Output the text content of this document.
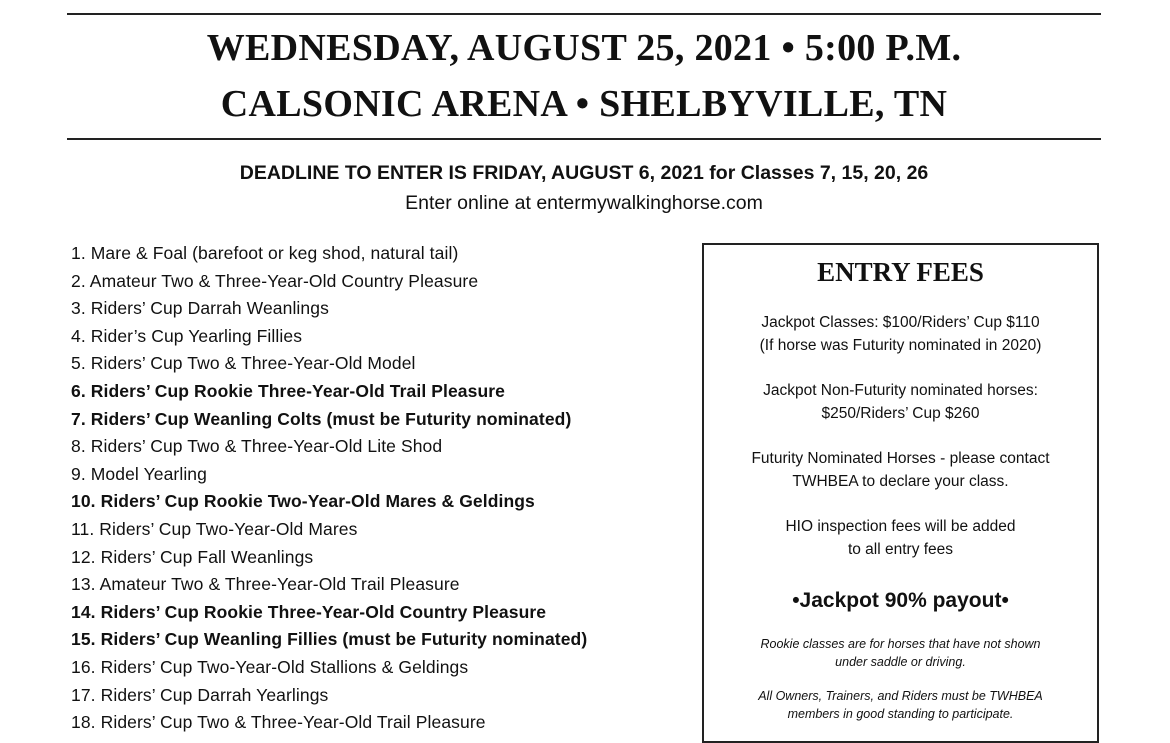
WEDNESDAY, AUGUST 25, 2021 • 5:00 P.M.
CALSONIC ARENA • SHELBYVILLE, TN
DEADLINE TO ENTER IS FRIDAY, AUGUST 6, 2021 for Classes 7, 15, 20, 26
Enter online at entermywalkinghorse.com
1. Mare & Foal (barefoot or keg shod, natural tail)
2. Amateur Two & Three-Year-Old Country Pleasure
3. Riders’ Cup Darrah Weanlings
4. Rider’s Cup Yearling Fillies
5. Riders’ Cup Two & Three-Year-Old Model
6. Riders’ Cup Rookie Three-Year-Old Trail Pleasure
7. Riders’ Cup Weanling Colts (must be Futurity nominated)
8. Riders’ Cup Two & Three-Year-Old Lite Shod
9. Model Yearling
10. Riders’ Cup Rookie Two-Year-Old Mares & Geldings
11. Riders’ Cup Two-Year-Old Mares
12. Riders’ Cup Fall Weanlings
13. Amateur Two & Three-Year-Old Trail Pleasure
14. Riders’ Cup Rookie Three-Year-Old Country Pleasure
15. Riders’ Cup Weanling Fillies (must be Futurity nominated)
16. Riders’ Cup Two-Year-Old Stallions & Geldings
17. Riders’ Cup Darrah Yearlings
18. Riders’ Cup Two & Three-Year-Old Trail Pleasure
ENTRY FEES
Jackpot Classes: $100/Riders’ Cup $110
(If horse was Futurity nominated in 2020)
Jackpot Non-Futurity nominated horses:
$250/Riders’ Cup $260
Futurity Nominated Horses - please contact
TWHBEA to declare your class.
HIO inspection fees will be added
to all entry fees
•Jackpot 90% payout•
Rookie classes are for horses that have not shown
under saddle or driving.
All Owners, Trainers, and Riders must be TWHBEA
members in good standing to participate.
